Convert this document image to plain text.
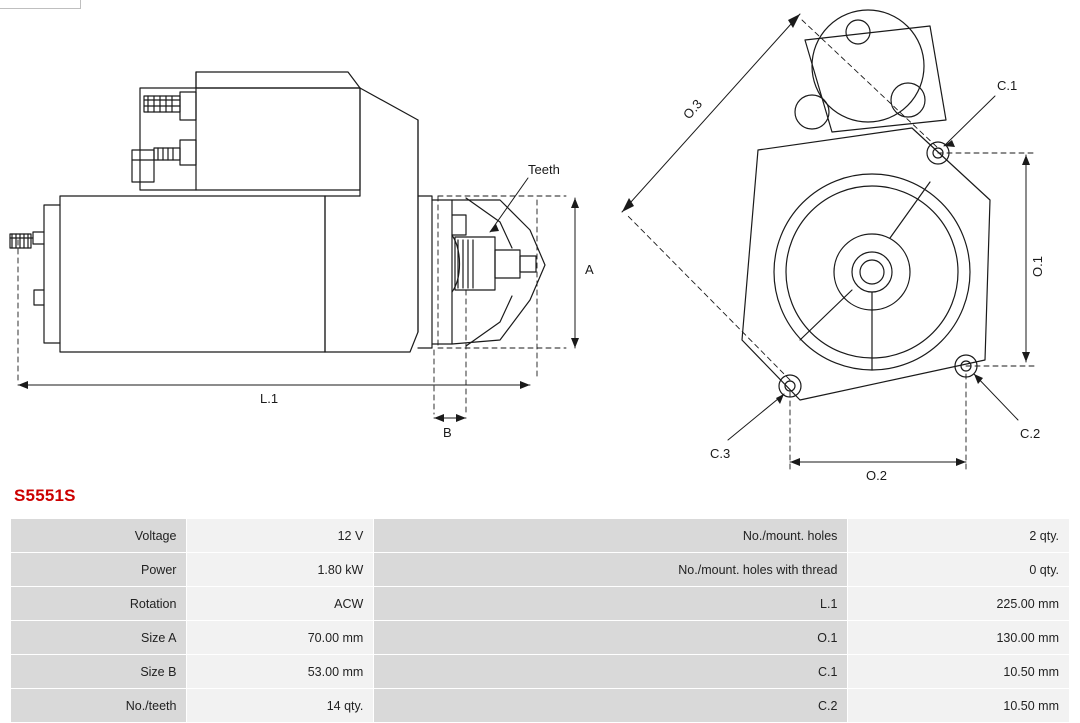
Teeth
A
B
L.1
O.1
O.2
O.3
C.1
C.2
C.3
S5551S
Voltage	12 V	No./mount. holes	2 qty.
Power	1.80 kW	No./mount. holes with thread	0 qty.
Rotation	ACW	L.1	225.00 mm
Size A	70.00 mm	O.1	130.00 mm
Size B	53.00 mm	C.1	10.50 mm
No./teeth	14 qty.	C.2	10.50 mm
